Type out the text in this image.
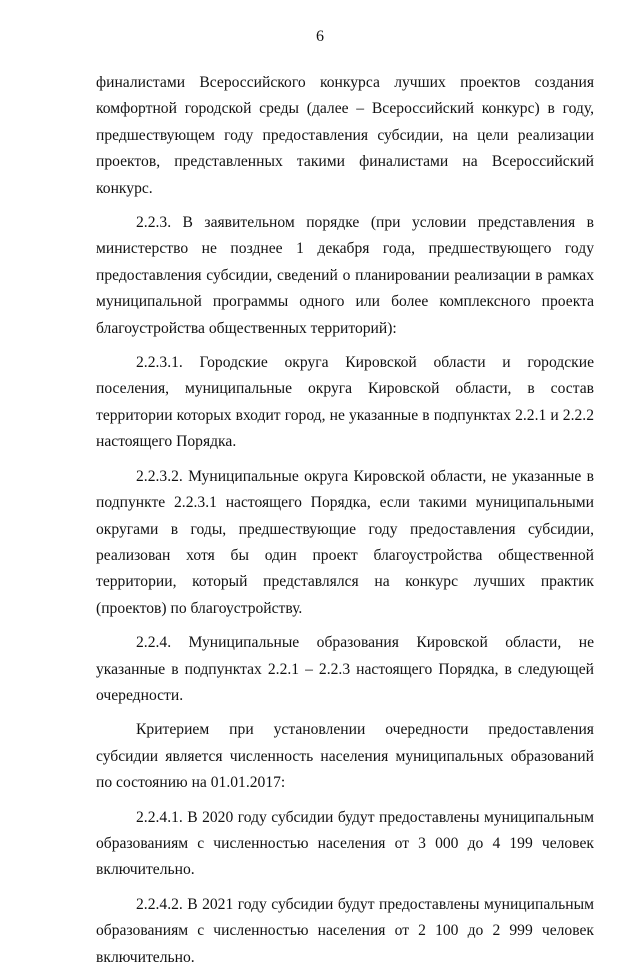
6

финалистами Всероссийского конкурса лучших проектов создания комфортной городской среды (далее – Всероссийский конкурс) в году, предшествующем году предоставления субсидии, на цели реализации проектов, представленных такими финалистами на Всероссийский конкурс.

2.2.3. В заявительном порядке (при условии представления в министерство не позднее 1 декабря года, предшествующего году предоставления субсидии, сведений о планировании реализации в рамках муниципальной программы одного или более комплексного проекта благоустройства общественных территорий):

2.2.3.1. Городские округа Кировской области и городские поселения, муниципальные округа Кировской области, в состав территории которых входит город, не указанные в подпунктах 2.2.1 и 2.2.2 настоящего Порядка.

2.2.3.2. Муниципальные округа Кировской области, не указанные в подпункте 2.2.3.1 настоящего Порядка, если такими муниципальными округами в годы, предшествующие году предоставления субсидии, реализован хотя бы один проект благоустройства общественной территории, который представлялся на конкурс лучших практик (проектов) по благоустройству.

2.2.4. Муниципальные образования Кировской области, не указанные в подпунктах 2.2.1 – 2.2.3 настоящего Порядка, в следующей очередности.

Критерием при установлении очередности предоставления субсидии является численность населения муниципальных образований по состоянию на 01.01.2017:

2.2.4.1. В 2020 году субсидии будут предоставлены муниципальным образованиям с численностью населения от 3 000 до 4 199 человек включительно.

2.2.4.2. В 2021 году субсидии будут предоставлены муниципальным образованиям с численностью населения от 2 100 до 2 999 человек включительно.
